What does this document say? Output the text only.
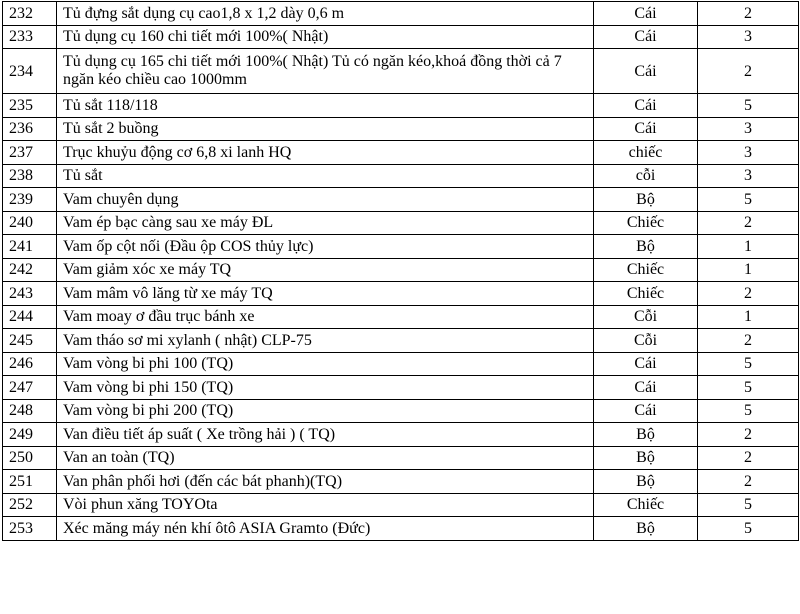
232	Tủ đựng sắt dụng cụ cao1,8 x 1,2 dày 0,6 m	Cái	2
233	Tủ dụng cụ 160 chi tiết mới 100%( Nhật)	Cái	3
234	Tủ dụng cụ 165 chi tiết mới 100%( Nhật) Tủ có ngăn kéo,khoá đồng thời cả 7 ngăn kéo chiều cao 1000mm	Cái	2
235	Tủ sắt 118/118	Cái	5
236	Tủ sắt 2 buồng	Cái	3
237	Trục khuỷu động cơ 6,8 xi lanh HQ	chiếc	3
238	Tủ sắt	cỗi	3
239	Vam chuyên dụng	Bộ	5
240	Vam ép bạc càng sau xe máy ĐL	Chiếc	2
241	Vam ốp cột nối (Đầu ộp COS thủy lực)	Bộ	1
242	Vam giảm xóc xe máy TQ	Chiếc	1
243	Vam mâm vô lăng từ xe máy TQ	Chiếc	2
244	Vam moay ơ đầu trục bánh xe	Cỗi	1
245	Vam tháo sơ mi xylanh ( nhật) CLP-75	Cỗi	2
246	Vam vòng bi phi 100 (TQ)	Cái	5
247	Vam vòng bi phi 150 (TQ)	Cái	5
248	Vam vòng bi phi 200 (TQ)	Cái	5
249	Van điều tiết áp suất ( Xe trồng hải ) ( TQ)	Bộ	2
250	Van an toàn (TQ)	Bộ	2
251	Van phân phối hơi (đến các bát phanh)(TQ)	Bộ	2
252	Vòi phun xăng TOYOta	Chiếc	5
253	Xéc măng máy nén khí ôtô ASIA Gramto (Đức)	Bộ	5
